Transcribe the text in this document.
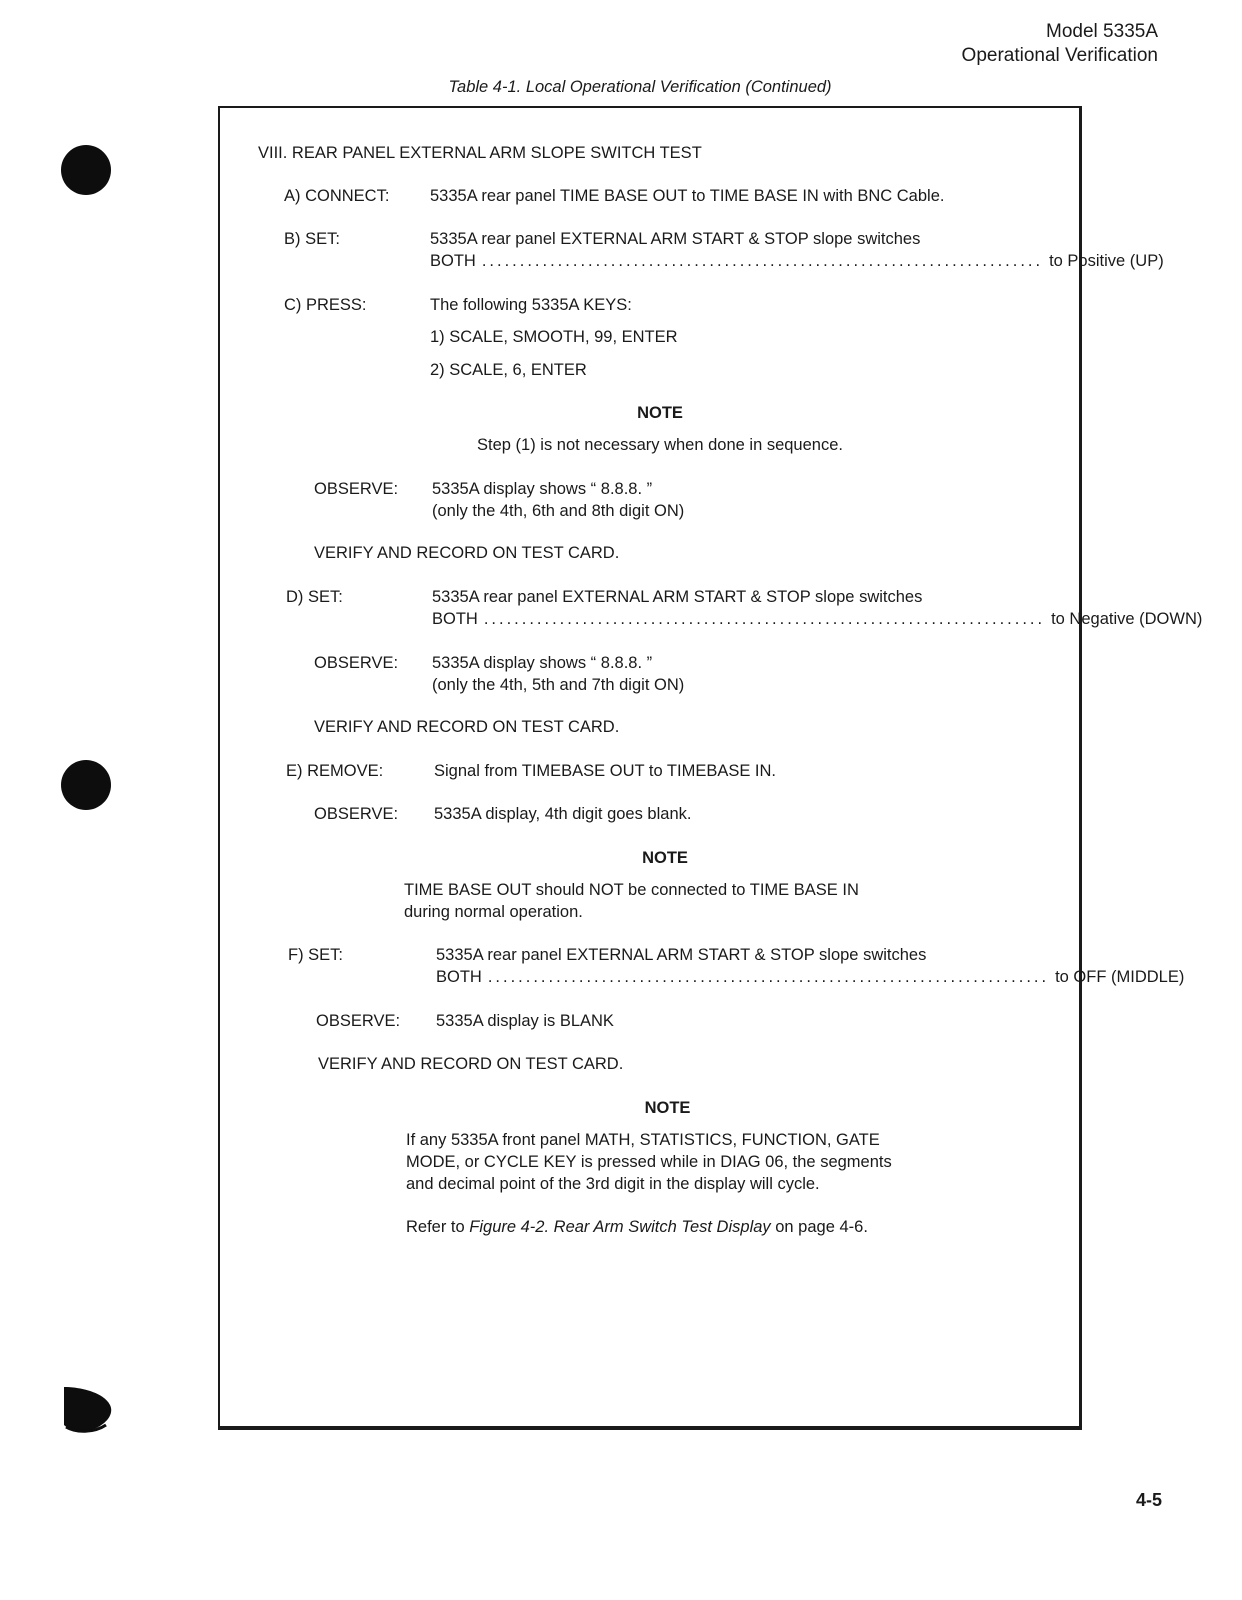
Model 5335A
Operational Verification
Table 4-1. Local Operational Verification (Continued)
VIII. REAR PANEL EXTERNAL ARM SLOPE SWITCH TEST
A) CONNECT: 5335A rear panel TIME BASE OUT to TIME BASE IN with BNC Cable.
B) SET:	5335A rear panel EXTERNAL ARM START & STOP slope switches
BOTH .......................................................................... to Positive (UP)
C) PRESS:	The following 5335A KEYS:
1) SCALE, SMOOTH, 99, ENTER
2) SCALE, 6, ENTER
NOTE
Step (1) is not necessary when done in sequence.
OBSERVE: 5335A display shows “ 8.8.8. ”
(only the 4th, 6th and 8th digit ON)
VERIFY AND RECORD ON TEST CARD.
D) SET:	5335A rear panel EXTERNAL ARM START & STOP slope switches
BOTH .......................................................................... to Negative (DOWN)
OBSERVE: 5335A display shows “ 8.8.8. ”
(only the 4th, 5th and 7th digit ON)
VERIFY AND RECORD ON TEST CARD.
E) REMOVE:	Signal from TIMEBASE OUT to TIMEBASE IN.
OBSERVE: 5335A display, 4th digit goes blank.
NOTE
TIME BASE OUT should NOT be connected to TIME BASE IN
during normal operation.
F) SET:	5335A rear panel EXTERNAL ARM START & STOP slope switches
BOTH .......................................................................... to OFF (MIDDLE)
OBSERVE: 5335A display is BLANK
VERIFY AND RECORD ON TEST CARD.
NOTE
If any 5335A front panel MATH, STATISTICS, FUNCTION, GATE
MODE, or CYCLE KEY is pressed while in DIAG 06, the segments
and decimal point of the 3rd digit in the display will cycle.
Refer to Figure 4-2. Rear Arm Switch Test Display on page 4-6.
4-5
